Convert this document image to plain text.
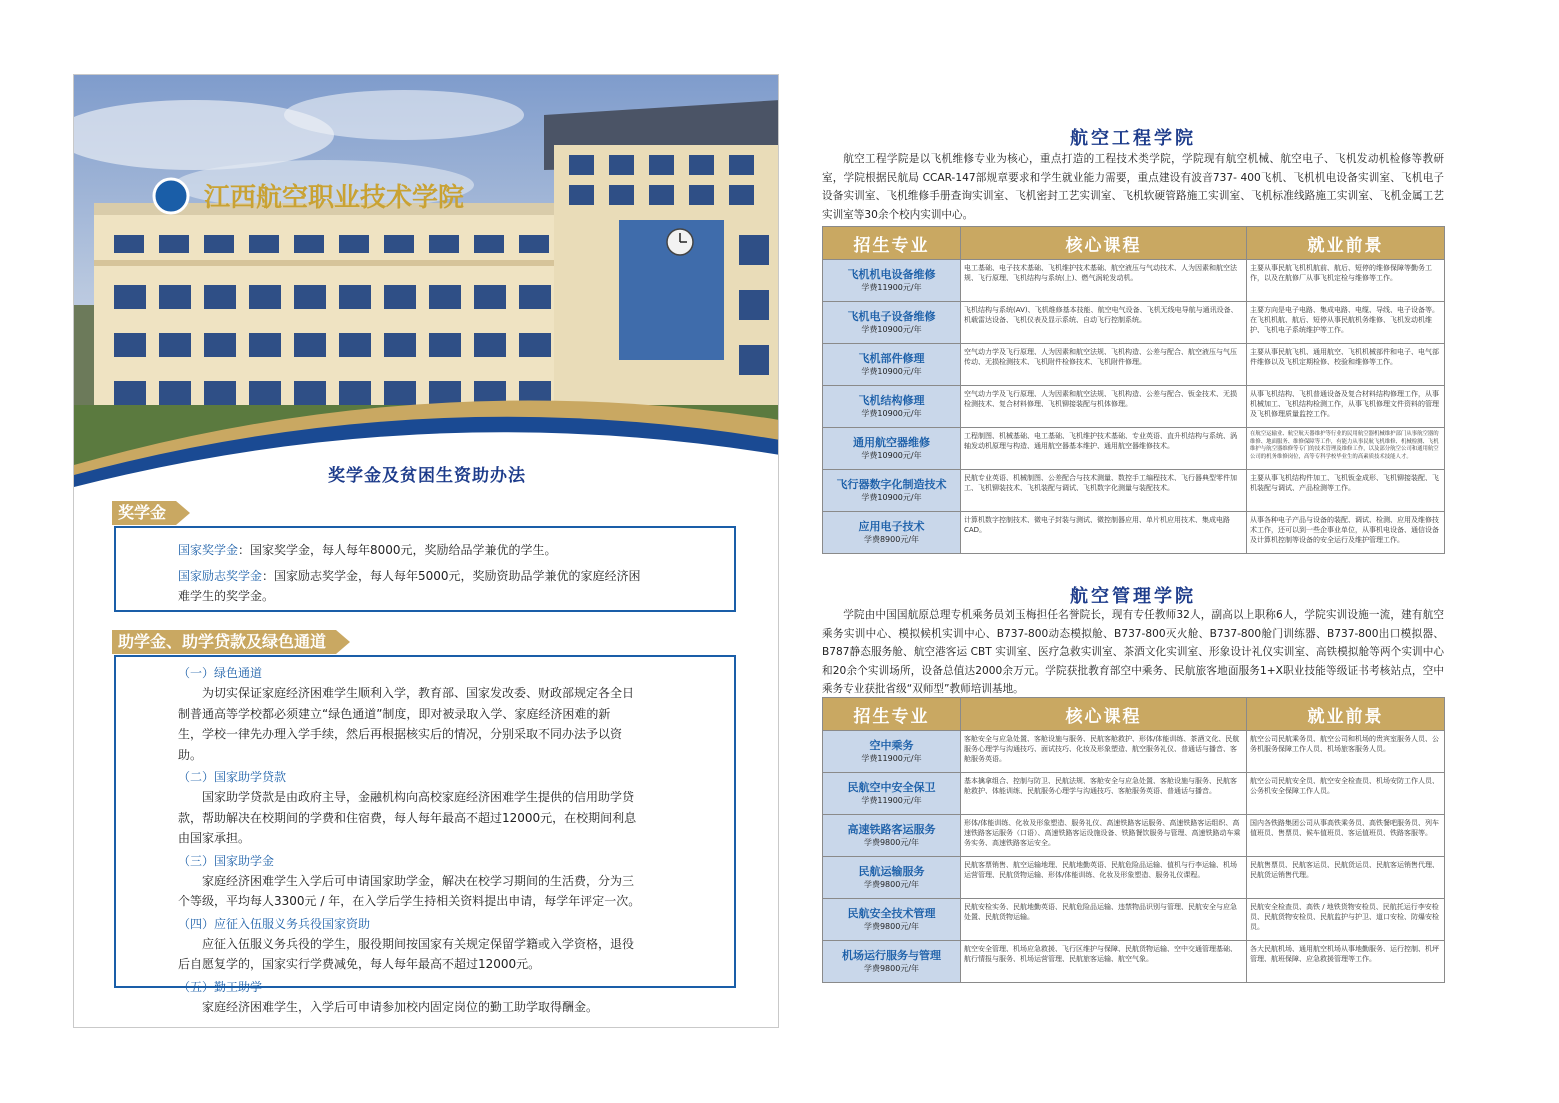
江西航空职业技术学院
奖学金及贫困生资助办法
奖学金
国家奖学金：国家奖学金，每人每年8000元，奖励给品学兼优的学生。
国家励志奖学金：国家励志奖学金，每人每年5000元，奖励资助品学兼优的家庭经济困
难学生的奖学金。
助学金、助学贷款及绿色通道
（一）绿色通道

为切实保证家庭经济困难学生顺利入学，教育部、国家发改委、财政部规定各全日

制普通高等学校都必须建立“绿色通道”制度，即对被录取入学、家庭经济困难的新

生，学校一律先办理入学手续，然后再根据核实后的情况，分别采取不同办法予以资

助。

（二）国家助学贷款

国家助学贷款是由政府主导，金融机构向高校家庭经济困难学生提供的信用助学贷

款，帮助解决在校期间的学费和住宿费，每人每年最高不超过12000元，在校期间利息

由国家承担。

（三）国家助学金

家庭经济困难学生入学后可申请国家助学金，解决在校学习期间的生活费，分为三

个等级，平均每人3300元 / 年，在入学后学生持相关资料提出申请，每学年评定一次。

（四）应征入伍服义务兵役国家资助

应征入伍服义务兵役的学生，服役期间按国家有关规定保留学籍或入学资格，退役

后自愿复学的，国家实行学费减免，每人每年最高不超过12000元。

（五）勤工助学

家庭经济困难学生，入学后可申请参加校内固定岗位的勤工助学取得酬金。

航空工程学院

航空工程学院是以飞机维修专业为核心，重点打造的工程技术类学院，学院现有航空机械、航空电子、飞机发动机检修等教研室，学院根据民航局 CCAR-147部规章要求和学生就业能力需要，重点建设有波音737- 400飞机、飞机机电设备实训室、飞机电子设备实训室、飞机维修手册查询实训室、飞机密封工艺实训室、飞机软硬管路施工实训室、飞机标准线路施工实训室、飞机金属工艺实训室等30余个校内实训中心。

招生专业	核心课程	就业前景

飞机机电设备维修
学费11900元/年	电工基础、电子技术基础、飞机维护技术基础、航空液压与气动技术、人为因素和航空法规、飞行原理、飞机结构与系统(上)、燃气涡轮发动机。	主要从事民航飞机机航前、航后、短停的维修保障等勤务工作，以及在航修厂从事飞机定检与维修等工作。

飞机电子设备维修
学费10900元/年	飞机结构与系统(AV)、飞机维修基本技能、航空电气设备、飞机无线电导航与通讯设备、机载雷达设备、飞机仪表及显示系统、自动飞行控制系统。	主要方向是电子电路、集成电路、电缆、导线、电子设备等。在飞机机航、航后、短停从事民航机务维修、飞机发动机维护、飞机电子系统维护等工作。

飞机部件修理
学费10900元/年	空气动力学及飞行原理、人为因素和航空法规、飞机构造、公差与配合、航空液压与气压传动、无损检测技术、飞机附件检修技术、飞机附件修理。	主要从事民航飞机、通用航空、飞机机械部件和电子、电气部件维修以及飞机定期检修、校验和维修等工作。

飞机结构修理
学费10900元/年	空气动力学及飞行原理、人为因素和航空法规、飞机构造、公差与配合、钣金技术、无损检测技术、复合材料修理、飞机铆接装配与机体修理。	从事飞机结构、飞机普通设备及复合材料结构修理工作，从事机械加工、飞机结构检测工作，从事飞机修理文件资料的管理及飞机修理质量监控工作。

通用航空器维修
学费10900元/年	工程制图、机械基础、电工基础、飞机维护技术基础、专业英语、直升机结构与系统、涡轴发动机原理与构造、通用航空器基本维护、通用航空器维修技术。	在航空运输业、航空航天器维护等行业的民用航空器机械维护部门从事航空器的维修、地面服务、维修保障等工作，有能力从事民航飞机维修、机械检测、飞机维护与航空器维修等专门的技术管理及维修工作，以及部分航空公司和通用航空公司的机务维修岗位，高等专科学校毕业生的高素质技术技能人才。

飞行器数字化制造技术
学费10900元/年	民航专业英语、机械制图、公差配合与技术测量、数控手工编程技术、飞行器典型零件加工、飞机铆装技术、飞机装配与调试、飞机数字化测量与装配技术。	主要从事飞机结构件加工、飞机钣金成形、飞机铆接装配、飞机装配与调试、产品检测等工作。

应用电子技术
学费8900元/年	计算机数字控制技术、微电子封装与测试、微控制器应用、单片机应用技术、集成电路CAD。	从事各种电子产品与设备的装配、调试、检测、应用及维修技术工作，还可以到一些企事业单位，从事机电设备、通信设备及计算机控制等设备的安全运行及维护管理工作。
航空管理学院

学院由中国国航原总理专机乘务员刘玉梅担任名誉院长，现有专任教师32人，副高以上职称6人，学院实训设施一流，建有航空乘务实训中心、模拟候机实训中心、B737-800动态模拟舱、B737-800灭火舱、B737-800舱门训练器、B737-800出口模拟器、B787静态服务舱、航空港客运 CBT 实训室、医疗急救实训室、茶酒文化实训室、形象设计礼仪实训室、高铁模拟舱等两个实训中心和20余个实训场所，设备总值达2000余万元。学院获批教育部空中乘务、民航旅客地面服务1+X职业技能等级证书考核站点，空中乘务专业获批省级“双师型”教师培训基地。

招生专业	核心课程	就业前景

空中乘务
学费11900元/年	客舱安全与应急处置、客舱设施与服务、民航客舱救护、形体/体能训练、茶酒文化、民航服务心理学与沟通技巧、面试技巧、化妆及形象塑造、航空服务礼仪、普通话与播音、客舱服务英语。	航空公司民航乘务员、航空公司和机场的贵宾室服务人员、公务机服务保障工作人员、机场旅客服务人员。

民航空中安全保卫
学费11900元/年	基本擒拿组合、控制与防卫、民航法规、客舱安全与应急处置、客舱设施与服务、民航客舱救护、体能训练、民航服务心理学与沟通技巧、客舱服务英语、普通话与播音。	航空公司民航安全员、航空安全检查员、机场安防工作人员、公务机安全保障工作人员。

高速铁路客运服务
学费9800元/年	形体/体能训练、化妆及形象塑造、服务礼仪、高速铁路客运服务、高速铁路客运组织、高速铁路客运服务（口语）、高速铁路客运设施设备、铁路餐饮服务与管理、高速铁路动车乘务实务、高速铁路客运安全。	国内各铁路集团公司从事高铁乘务员、高铁餐吧服务员、列车值班员、售票员、候车值班员、客运值班员、铁路客服等。

民航运输服务
学费9800元/年	民航客票销售、航空运输地理、民航地勤英语、民航危险品运输、值机与行李运输、机场运营管理、民航货物运输、形体/体能训练、化妆及形象塑造、服务礼仪课程。	民航售票员、民航客运员、民航货运员、民航客运销售代理、民航货运销售代理。

民航安全技术管理
学费9800元/年	民航安检实务、民航地勤英语、民航危险品运输、违禁物品识别与管理、民航安全与应急处置、民航货物运输。	民航安全检查员、高铁 / 地铁货物安检员、民航托运行李安检员、民航货物安检员、民航监护与护卫、道口安检、防爆安检员。

机场运行服务与管理
学费9800元/年	航空安全管理、机场应急救援、飞行区维护与保障、民航货物运输、空中交通管理基础、航行情报与服务、机场运营管理、民航旅客运输、航空气象。	各大民航机场、通用航空机场从事地勤服务、运行控制、机坪管理、航班保障、应急救援管理等工作。
